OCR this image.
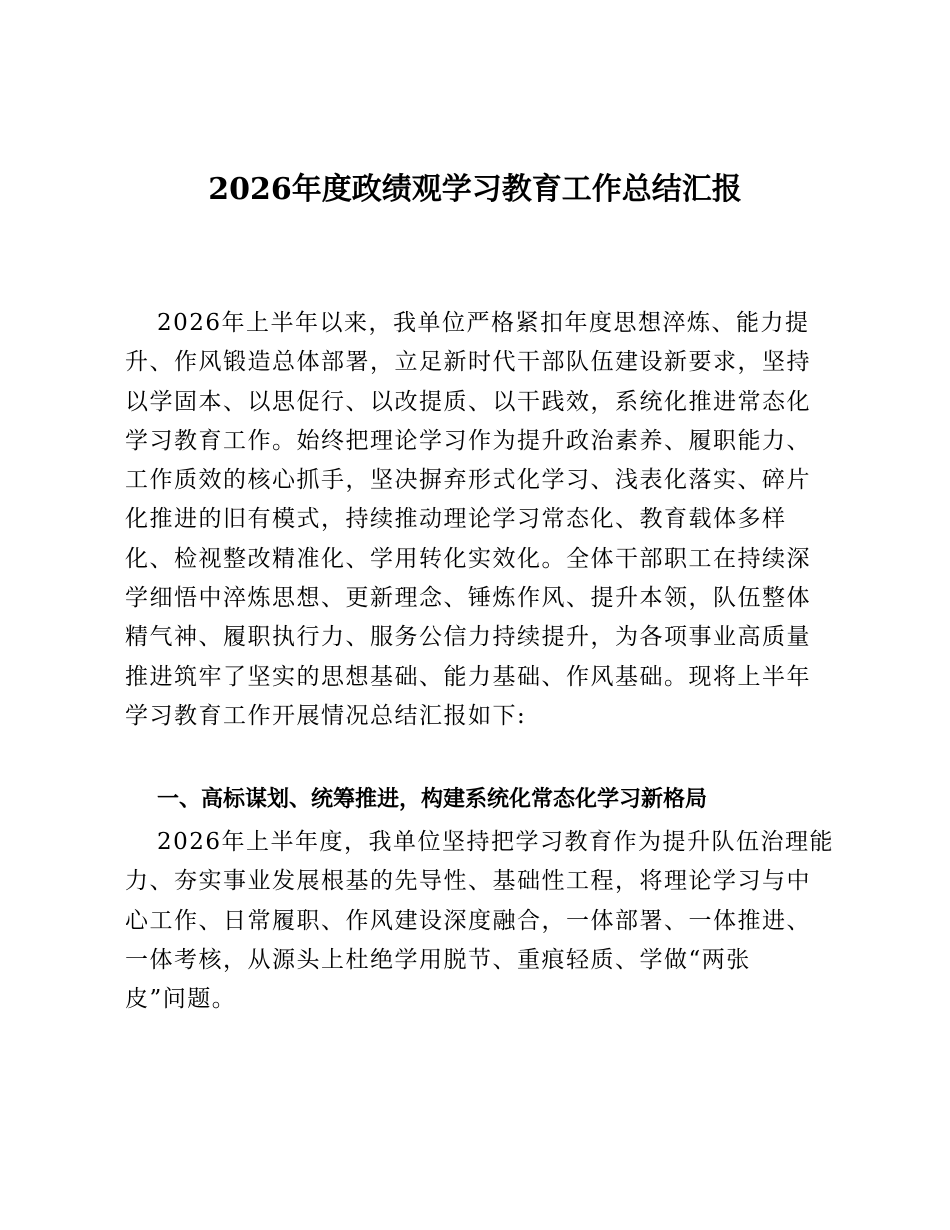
2026年度政绩观学习教育工作总结汇报
2026年上半年以来，我单位严格紧扣年度思想淬炼、能力提
升、作风锻造总体部署，立足新时代干部队伍建设新要求，坚持
以学固本、以思促行、以改提质、以干践效，系统化推进常态化
学习教育工作。始终把理论学习作为提升政治素养、履职能力、
工作质效的核心抓手，坚决摒弃形式化学习、浅表化落实、碎片
化推进的旧有模式，持续推动理论学习常态化、教育载体多样
化、检视整改精准化、学用转化实效化。全体干部职工在持续深
学细悟中淬炼思想、更新理念、锤炼作风、提升本领，队伍整体
精气神、履职执行力、服务公信力持续提升，为各项事业高质量
推进筑牢了坚实的思想基础、能力基础、作风基础。现将上半年
学习教育工作开展情况总结汇报如下:
一、高标谋划、统筹推进，构建系统化常态化学习新格局
2026年上半年度，我单位坚持把学习教育作为提升队伍治理能
力、夯实事业发展根基的先导性、基础性工程，将理论学习与中
心工作、日常履职、作风建设深度融合，一体部署、一体推进、
一体考核，从源头上杜绝学用脱节、重痕轻质、学做“两张
皮”问题。
